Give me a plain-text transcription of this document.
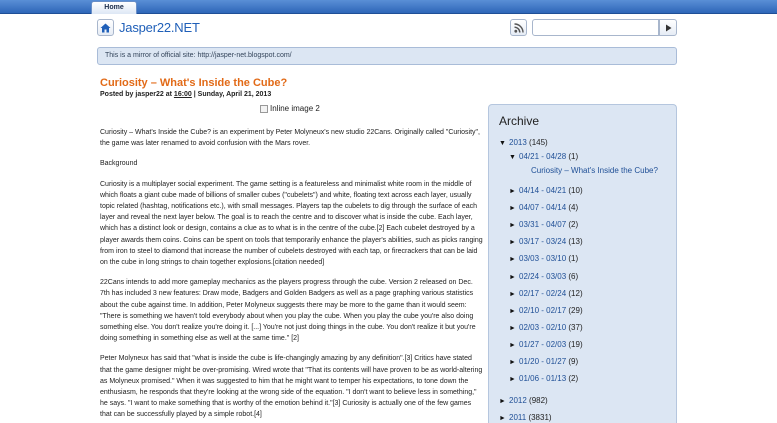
Home
Jasper22.NET
This is a mirror of official site: http://jasper-net.blogspot.com/
Curiosity – What's Inside the Cube?
Posted by jasper22 at 16:00 | Sunday, April 21, 2013
Inline image 2

Curiosity – What's Inside the Cube? is an experiment by Peter Molyneux's new studio 22Cans. Originally called "Curiosity", the game was later renamed to avoid confusion with the Mars rover.

Background

Curiosity is a multiplayer social experiment. The game setting is a featureless and minimalist white room in the middle of which floats a giant cube made of billions of smaller cubes ("cubelets") and white, floating text across each layer, usually topic related (hashtag, notifications etc.), with small messages. Players tap the cubelets to dig through the surface of each layer and reveal the next layer below. The goal is to reach the centre and to discover what is inside the cube. Each layer, which has a distinct look or design, contains a clue as to what is in the centre of the cube.[2] Each cubelet destroyed by a player awards them coins. Coins can be spent on tools that temporarily enhance the player's abilities, such as picks ranging from iron to steel to diamond that increase the number of cubelets destroyed with each tap, or firecrackers that can be laid on the cube in long strings to chain together explosions.[citation needed]

22Cans intends to add more gameplay mechanics as the players progress through the cube. Version 2 released on Dec. 7th has included 3 new features: Draw mode, Badgers and Golden Badgers as well as a page graphing various statistics about the cube against time. In addition, Peter Molyneux suggests there may be more to the game than it would seem: "There is something we haven't told everybody about when you play the cube. When you play the cube you're also doing something else. You don't realize you're doing it. [...] You're not just doing things in the cube. You don't realize it but you're doing something in something else as well at the same time." [2]

Peter Molyneux has said that "what is inside the cube is life-changingly amazing by any definition".[3] Critics have stated that the game designer might be over-promising. Wired wrote that "That its contents will have proven to be as world-altering as Molyneux promised." When it was suggested to him that he might want to temper his expectations, to tone down the enthusiasm, he responds that they're looking at the wrong side of the equation. "I don't want to believe less in something," he says. "I want to make something that is worthy of the emotion behind it."[3] Curiosity is actually one of the few games that can be successfully played by a simple robot.[4]

Archive
▼ 2013 (145)
▼ 04/21 - 04/28 (1)
Curiosity – What's Inside the Cube?
► 04/14 - 04/21 (10)
► 04/07 - 04/14 (4)
► 03/31 - 04/07 (2)
► 03/17 - 03/24 (13)
► 03/03 - 03/10 (1)
► 02/24 - 03/03 (6)
► 02/17 - 02/24 (12)
► 02/10 - 02/17 (29)
► 02/03 - 02/10 (37)
► 01/27 - 02/03 (19)
► 01/20 - 01/27 (9)
► 01/06 - 01/13 (2)
► 2012 (982)
► 2011 (3831)
